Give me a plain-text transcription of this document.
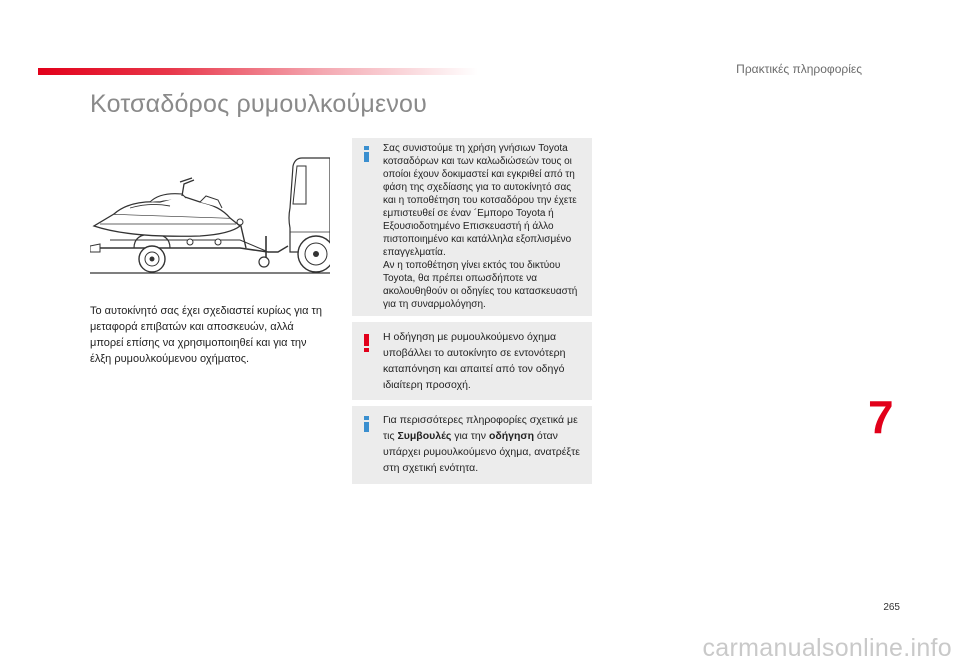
Πρακτικές πληροφορίες
Κοτσαδόρος ρυμουλκούμενου
Το αυτοκίνητό σας έχει σχεδιαστεί κυρίως για τη μεταφορά επιβατών και αποσκευών, αλλά μπορεί επίσης να χρησιμοποιηθεί και για την έλξη ρυμουλκούμενου οχήματος.

Σας συνιστούμε τη χρήση γνήσιων Toyota κοτσαδόρων και των καλωδιώσεών τους οι οποίοι έχουν δοκιμαστεί και εγκριθεί από τη φάση της σχεδίασης για το αυτοκίνητό σας και η τοποθέτηση του κοτσαδόρου την έχετε εμπιστευθεί σε έναν ´Εμπορο Toyota ή Εξουσιοδοτημένο Επισκευαστή ή άλλο πιστοποιημένο και κατάλληλα εξοπλισμένο επαγγελματία.

Αν η τοποθέτηση γίνει εκτός του δικτύου Toyota, θα πρέπει οπωσδήποτε να ακολουθηθούν οι οδηγίες του κατασκευαστή για τη συναρμολόγηση.

Η οδήγηση με ρυμουλκούμενο όχημα υποβάλλει το αυτοκίνητο σε εντονότερη καταπόνηση και απαιτεί από τον οδηγό ιδιαίτερη προσοχή.

Για περισσότερες πληροφορίες σχετικά με τις Συμβουλές για την οδήγηση όταν υπάρχει ρυμουλκούμενο όχημα, ανατρέξτε στη σχετική ενότητα.

7
265
carmanualsonline.info
